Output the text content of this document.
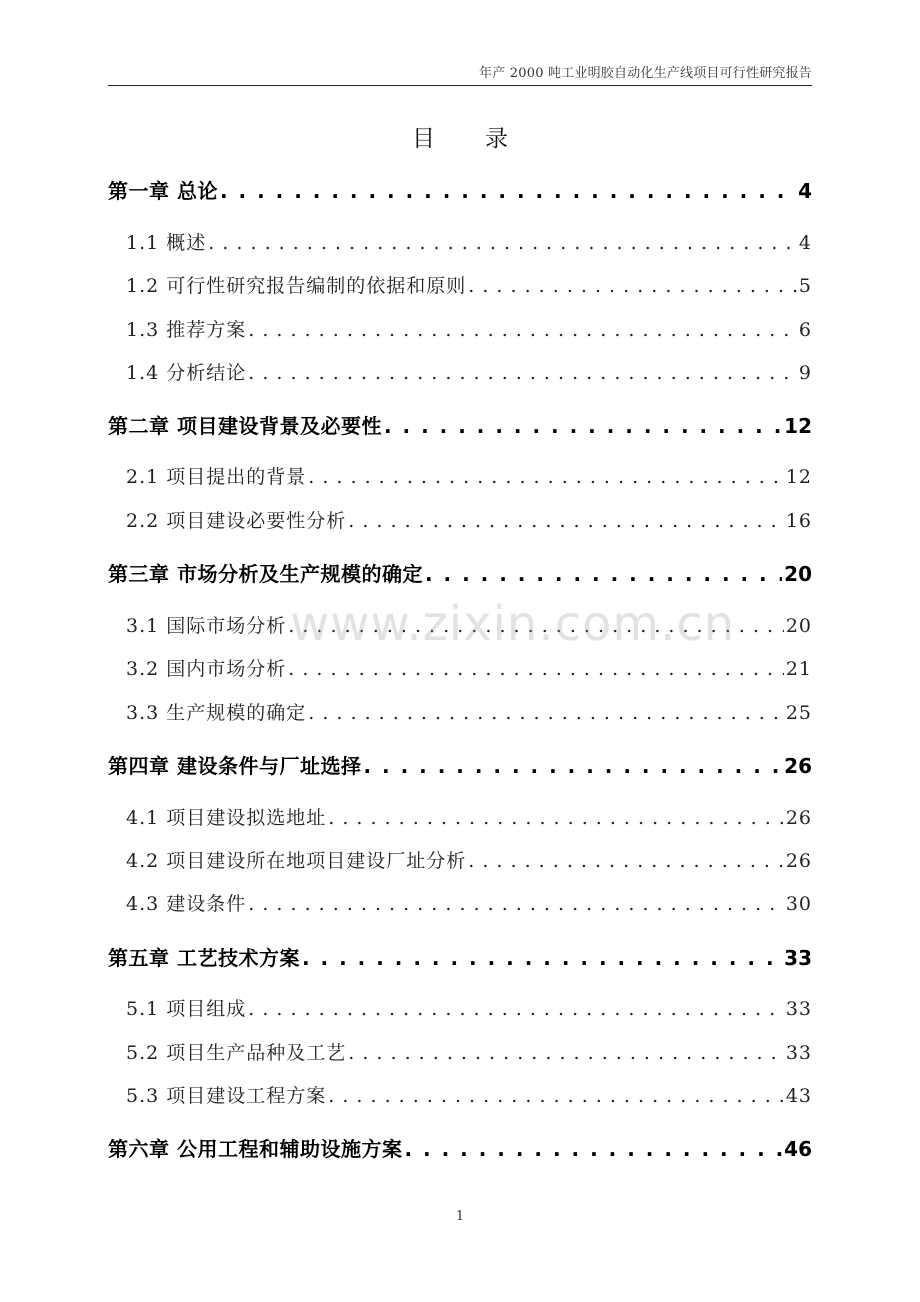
年产 2000 吨工业明胶自动化生产线项目可行性研究报告
目录
第一章 总论 . . .	4
1.1 概述 . . .	4
1.2 可行性研究报告编制的依据和原则 . . .	5
1.3 推荐方案 . . .	6
1.4 分析结论 . . .	9
第二章 项目建设背景及必要性 . . .	12
2.1 项目提出的背景 . . .	12
2.2 项目建设必要性分析 . . .	16
第三章 市场分析及生产规模的确定 . . .	20
3.1 国际市场分析 . . .	20
3.2 国内市场分析 . . .	21
3.3 生产规模的确定 . . .	25
第四章 建设条件与厂址选择 . . .	26
4.1 项目建设拟选地址 . . .	26
4.2 项目建设所在地项目建设厂址分析 . . .	26
4.3 建设条件 . . .	30
第五章 工艺技术方案 . . .	33
5.1 项目组成 . . .	33
5.2 项目生产品种及工艺 . . .	33
5.3 项目建设工程方案 . . .	43
第六章 公用工程和辅助设施方案 . . .	46
www.zixin.com.cn
1
